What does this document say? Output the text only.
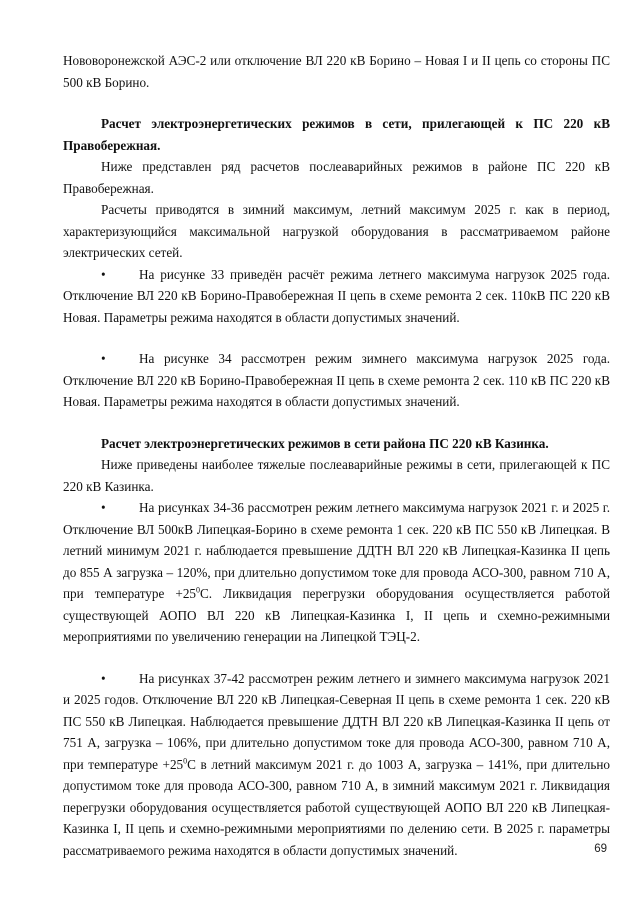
Нововоронежской АЭС-2 или отключение ВЛ 220 кВ Борино – Новая I и II цепь со стороны ПС 500 кВ Борино.

Расчет электроэнергетических режимов в сети, прилегающей к ПС 220 кВ Правобережная.

Ниже представлен ряд расчетов послеаварийных режимов в районе ПС 220 кВ Правобережная.

Расчеты приводятся в зимний максимум, летний максимум 2025 г. как в период, характеризующийся максимальной нагрузкой оборудования в рассматриваемом районе электрических сетей.

•	На рисунке 33 приведён расчёт режима летнего максимума нагрузок 2025 года. Отключение ВЛ 220 кВ Борино-Правобережная II цепь в схеме ремонта 2 сек. 110кВ ПС 220 кВ Новая. Параметры режима находятся в области допустимых значений.

•	На рисунке 34 рассмотрен режим зимнего максимума нагрузок 2025 года. Отключение ВЛ 220 кВ Борино-Правобережная II цепь в схеме ремонта 2 сек. 110 кВ ПС 220 кВ Новая. Параметры режима находятся в области допустимых значений.

Расчет электроэнергетических режимов в сети района ПС 220 кВ Казинка.

Ниже приведены наиболее тяжелые послеаварийные режимы в сети, прилегающей к ПС 220 кВ Казинка.

•	На рисунках 34-36 рассмотрен режим летнего максимума нагрузок 2021 г. и 2025 г. Отключение ВЛ 500кВ Липецкая-Борино в схеме ремонта 1 сек. 220 кВ ПС 550 кВ Липецкая. В летний минимум 2021 г. наблюдается превышение ДДТН ВЛ 220 кВ Липецкая-Казинка II цепь до 855 А загрузка – 120%, при длительно допустимом токе для провода АСО-300, равном 710 А, при температуре $+25^0С$. Ликвидация перегрузки оборудования осуществляется работой существующей АОПО ВЛ 220 кВ Липецкая-Казинка I, II цепь и схемно-режимными мероприятиями по увеличению генерации на Липецкой ТЭЦ-2.

•	На рисунках 37-42 рассмотрен режим летнего и зимнего максимума нагрузок 2021 и 2025 годов. Отключение ВЛ 220 кВ Липецкая-Северная II цепь в схеме ремонта 1 сек. 220 кВ ПС 550 кВ Липецкая. Наблюдается превышение ДДТН ВЛ 220 кВ Липецкая-Казинка II цепь от 751 А, загрузка – 106%, при длительно допустимом токе для провода АСО-300, равном 710 А, при температуре $+25^0С$ в летний максимум 2021 г. до 1003 А, загрузка – 141%, при длительно допустимом токе для провода АСО-300, равном 710 А, в зимний максимум 2021 г. Ликвидация перегрузки оборудования осуществляется работой существующей АОПО ВЛ 220 кВ Липецкая-Казинка I, II цепь и схемно-режимными мероприятиями по делению сети. В 2025 г. параметры рассматриваемого режима находятся в области допустимых значений.	69
